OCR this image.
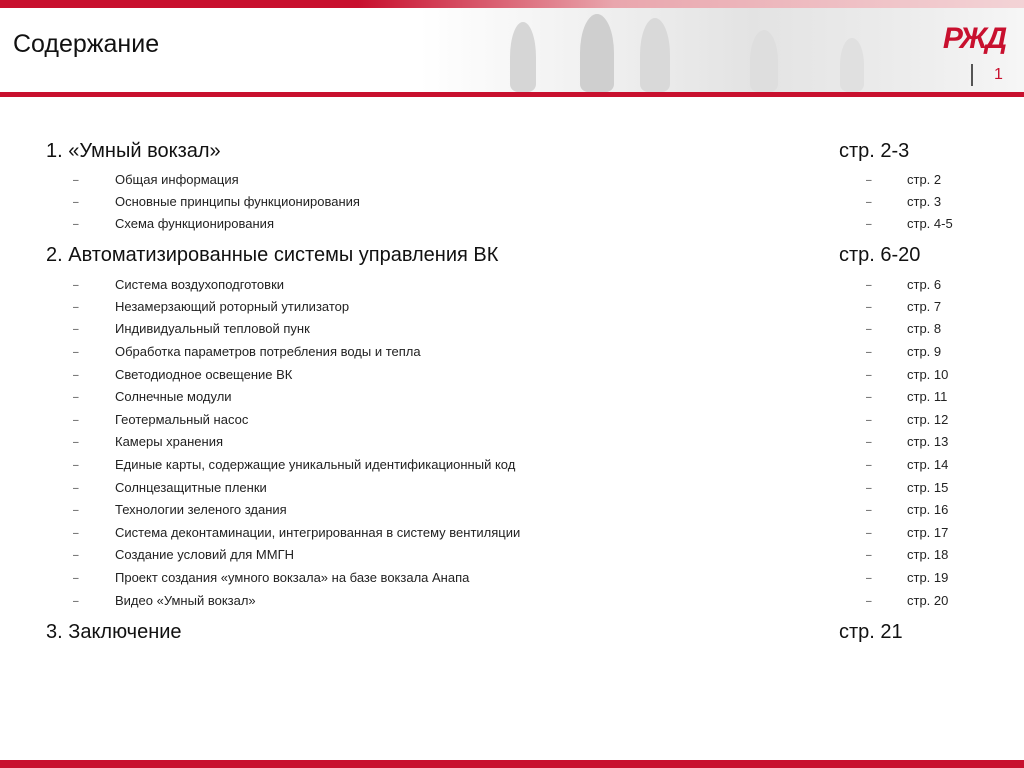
Содержание	РЖД
1
1. «Умный вокзал»	стр. 2-3
–	Общая информация	–	стр. 2
–	Основные принципы функционирования	–	стр. 3
–	Схема функционирования	–	стр. 4-5
2. Автоматизированные системы управления ВК	стр. 6-20
–	Система воздухоподготовки	–	стр. 6
–	Незамерзающий роторный утилизатор	–	стр. 7
–	Индивидуальный тепловой пунк	–	стр. 8
–	Обработка параметров потребления воды и тепла	–	стр. 9
–	Светодиодное освещение ВК	–	стр. 10
–	Солнечные модули	–	стр. 11
–	Геотермальный насос	–	стр. 12
–	Камеры хранения	–	стр. 13
–	Единые карты, содержащие уникальный идентификационный код	–	стр. 14
–	Солнцезащитные пленки	–	стр. 15
–	Технологии зеленого здания	–	стр. 16
–	Система деконтаминации, интегрированная в систему вентиляции	–	стр. 17
–	Создание условий для ММГН	–	стр. 18
–	Проект создания «умного вокзала» на базе вокзала Анапа	–	стр. 19
–	Видео «Умный вокзал»	–	стр. 20
3. Заключение	стр. 21
